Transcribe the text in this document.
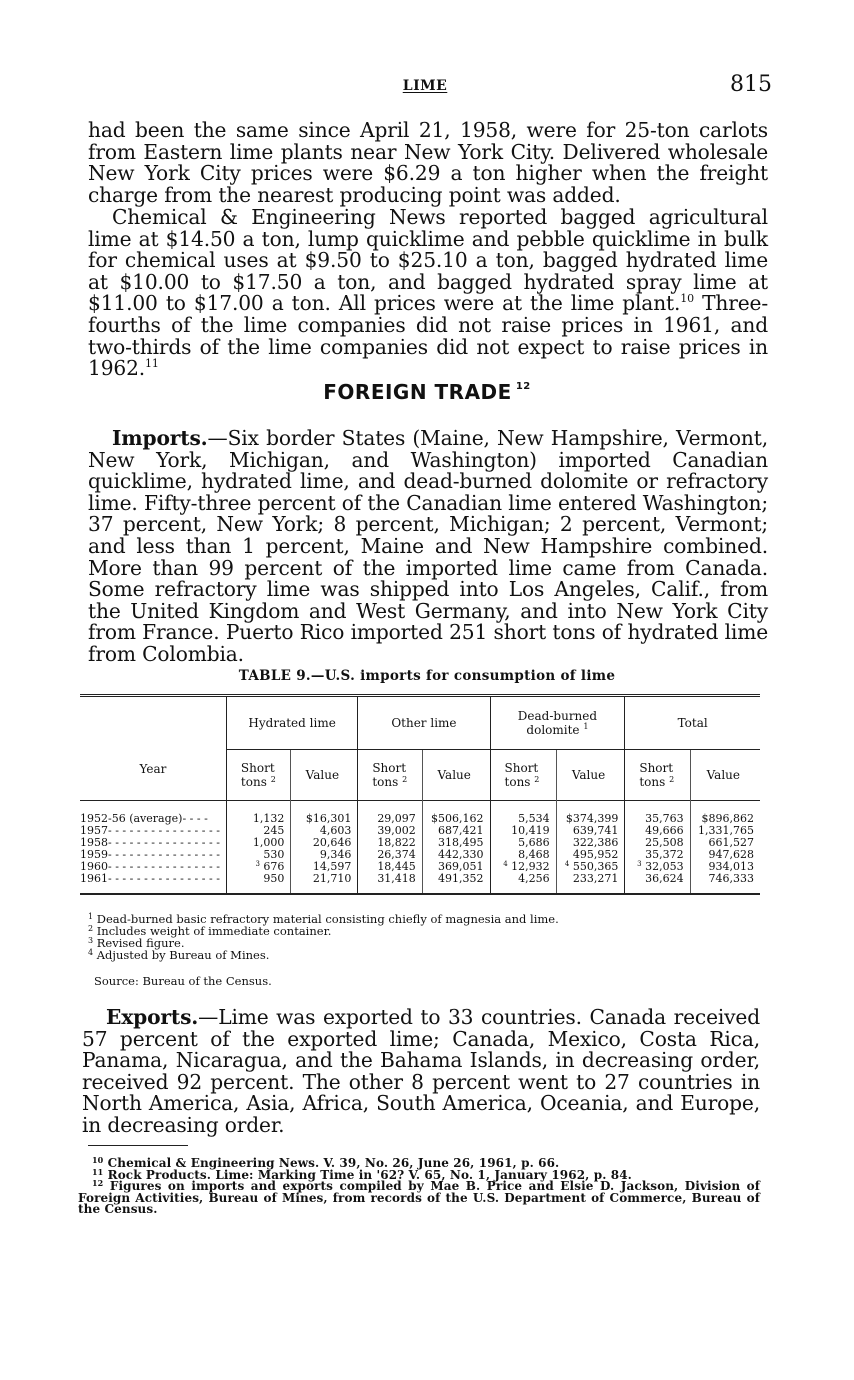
LIME	815

had been the same since April 21, 1958, were for 25-ton carlots from Eastern lime plants near New York City. Delivered wholesale New York City prices were $6.29 a ton higher when the freight charge from the nearest producing point was added.

Chemical & Engineering News reported bagged agricultural lime at $14.50 a ton, lump quicklime and pebble quicklime in bulk for chemical uses at $9.50 to $25.10 a ton, bagged hydrated lime at $10.00 to $17.50 a ton, and bagged hydrated spray lime at $11.00 to $17.00 a ton. All prices were at the lime plant.$^{10}$ Three-fourths of the lime companies did not raise prices in 1961, and two-thirds of the lime companies did not expect to raise prices in 1962.11

FOREIGN TRADE $^{12}$

Imports.—Six border States (Maine, New Hampshire, Vermont, New York, Michigan, and Washington) imported Canadian quicklime, hydrated lime, and dead-burned dolomite or refractory lime. Fifty-three percent of the Canadian lime entered Washington; 37 percent, New York; 8 percent, Michigan; 2 percent, Vermont; and less than 1 percent, Maine and New Hampshire combined. More than 99 percent of the imported lime came from Canada. Some refractory lime was shipped into Los Angeles, Calif., from the United Kingdom and West Germany, and into New York City from France. Puerto Rico imported 251 short tons of hydrated lime from Colombia.

TABLE 9.—U.S. imports for consumption of lime
Year	Hydrated lime		Other lime		Dead-burned dolomite $^1$		Total	
	Short tons $^2$	Value	Short tons $^2$	Value	Short tons $^2$	Value	Short tons $^2$	Value
1952-56 (average)- - - -	1,132	$16,301	29,097	$506,162	5,534	$374,399	35,763	$896,862
1957- - - - - - - - - - - - - - - -	245	4,603	39,002	687,421	10,419	639,741	49,666	1,331,765
1958- - - - - - - - - - - - - - - -	1,000	20,646	18,822	318,495	5,686	322,386	25,508	661,527
1959- - - - - - - - - - - - - - - -	530	9,346	26,374	442,330	8,468	495,952	35,372	947,628
1960- - - - - - - - - - - - - - - -	$^3$ 676	14,597	18,445	369,051	$^4$ 12,932	$^4$ 550,365	$^3$ 32,053	934,013
1961- - - - - - - - - - - - - - - -	950	21,710	31,418	491,352	4,256	233,271	36,624	746,333
$^1$ Dead-burned basic refractory material consisting chiefly of magnesia and lime.
$^2$ Includes weight of immediate container.
$^3$ Revised figure.
$^4$ Adjusted by Bureau of Mines.
Source: Bureau of the Census.

Exports.—Lime was exported to 33 countries. Canada received 57 percent of the exported lime; Canada, Mexico, Costa Rica, Panama, Nicaragua, and the Bahama Islands, in decreasing order, received 92 percent. The other 8 percent went to 27 countries in North America, Asia, Africa, South America, Oceania, and Europe, in decreasing order.

$^{10}$ Chemical & Engineering News. V. 39, No. 26, June 26, 1961, p. 66.

$^{11}$ Rock Products. Lime: Marking Time in '62? V. 65, No. 1, January 1962, p. 84.

$^{12}$ Figures on imports and exports compiled by Mae B. Price and Elsie D. Jackson, Division of Foreign Activities, Bureau of Mines, from records of the U.S. Department of Commerce, Bureau of the Census.
